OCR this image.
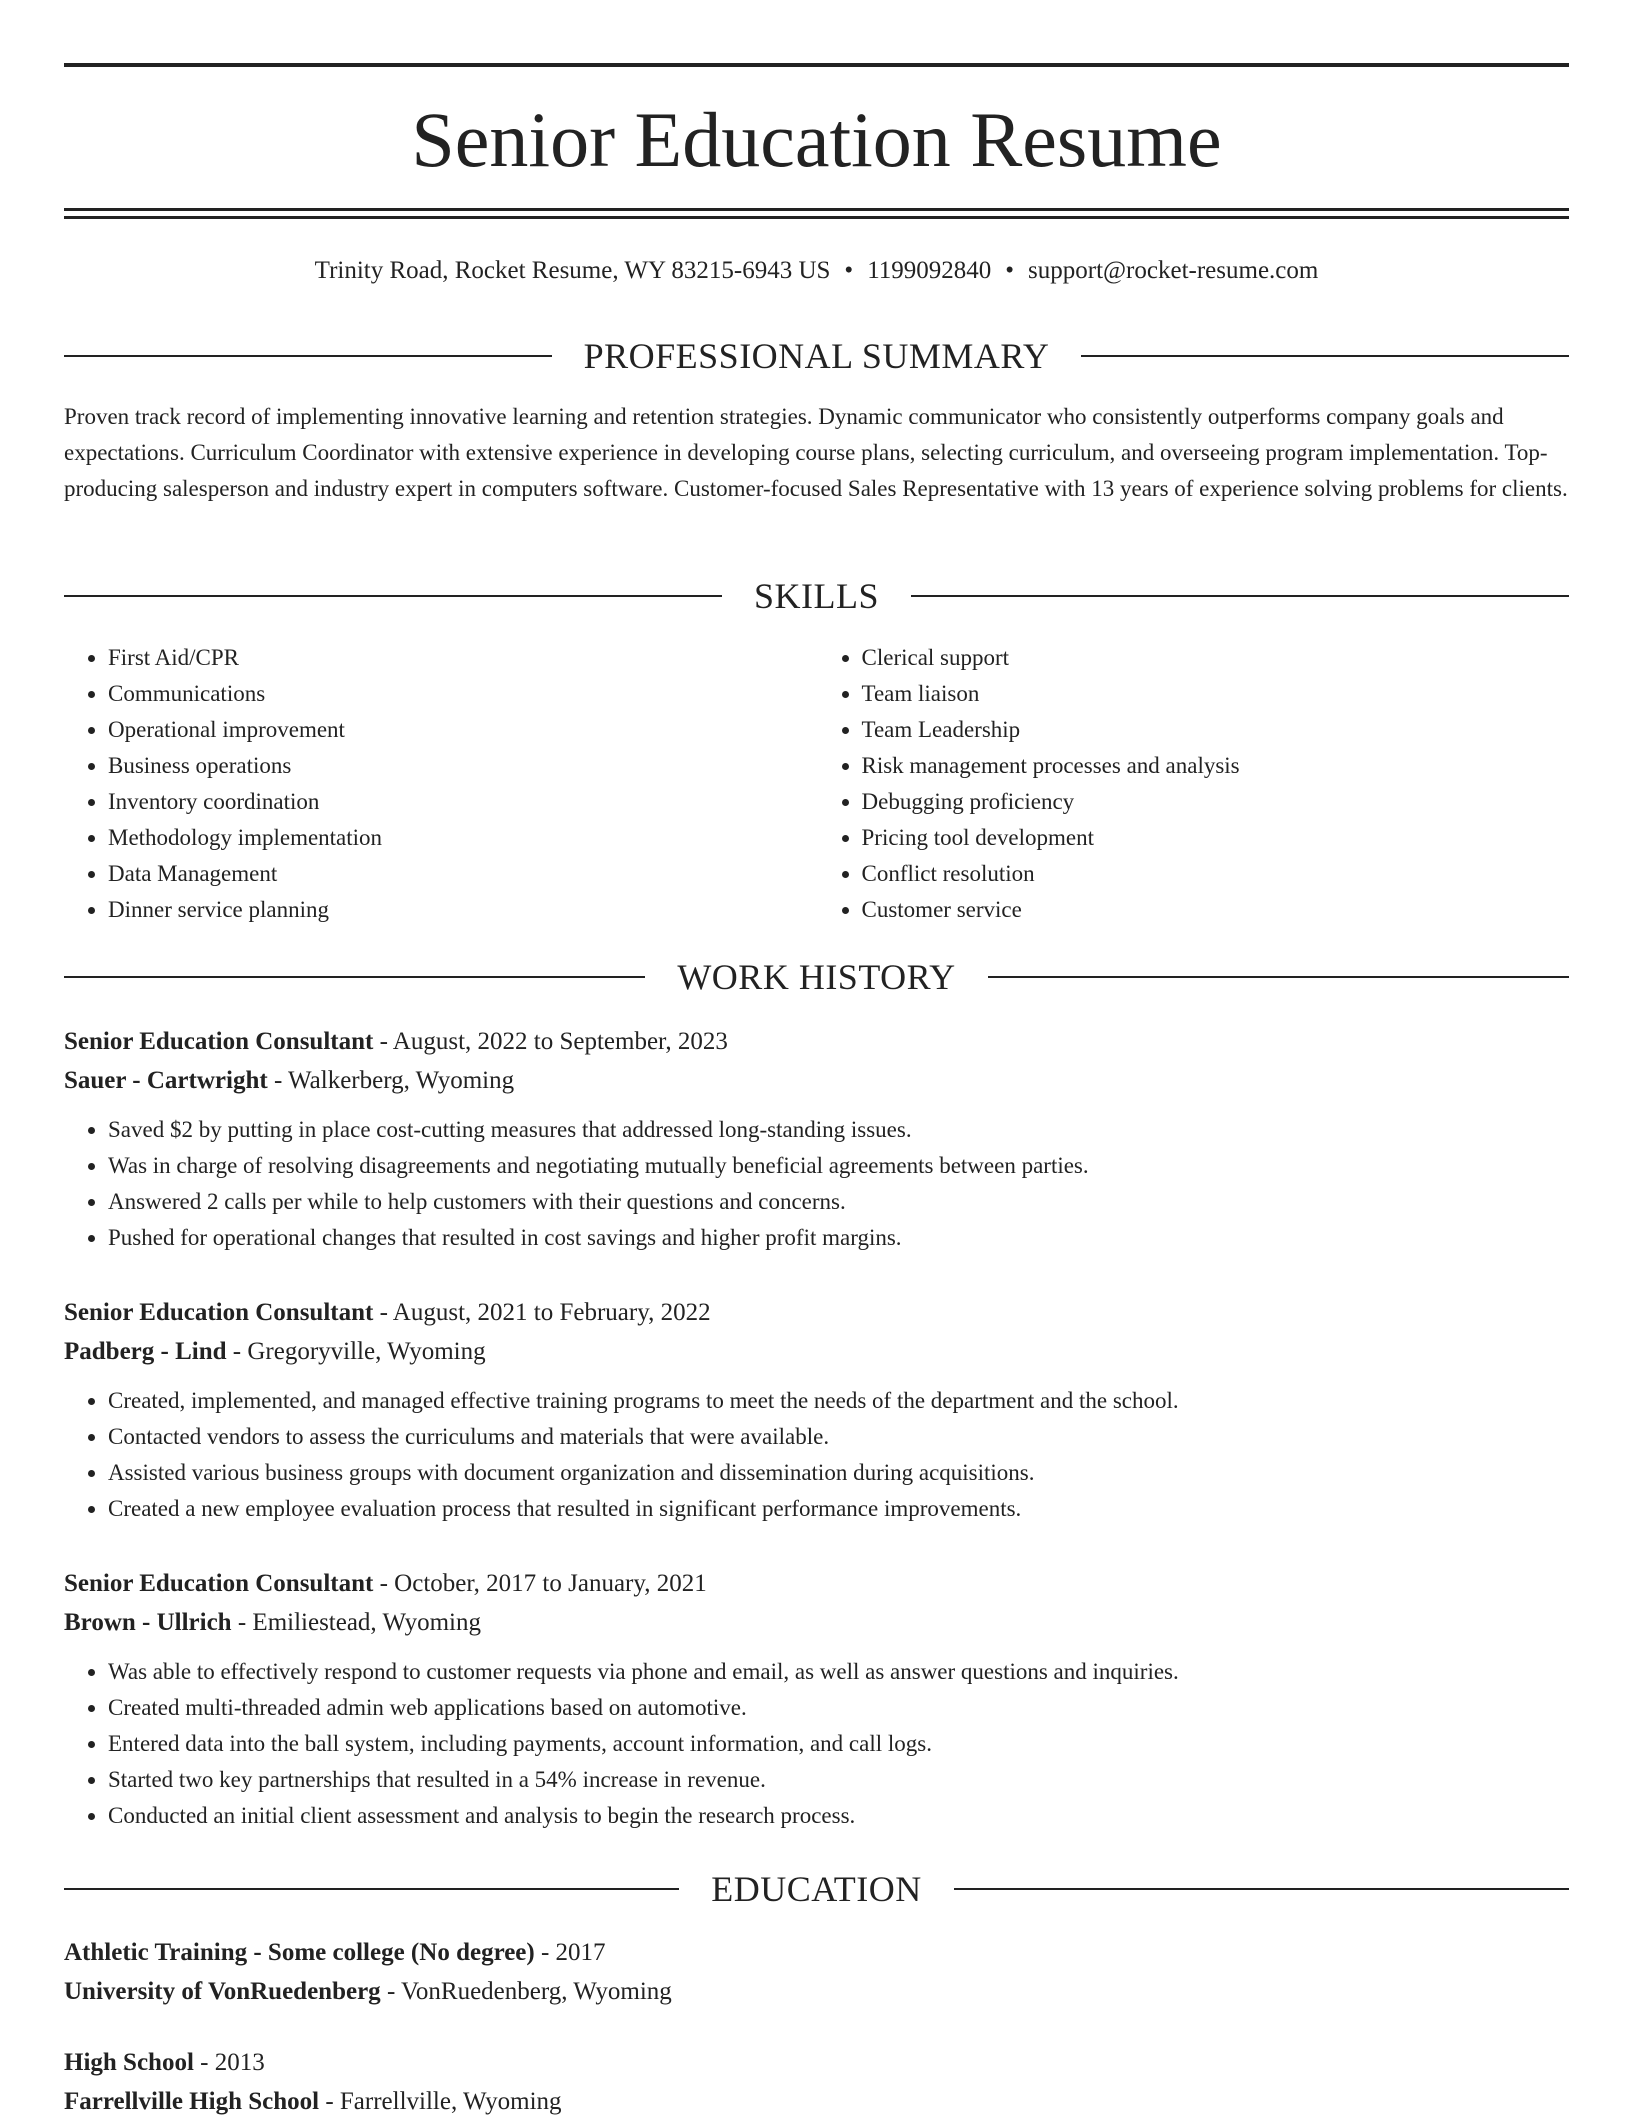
Senior Education Resume
Trinity Road, Rocket Resume, WY 83215-6943 US • 1199092840 • support@rocket-resume.com
PROFESSIONAL SUMMARY
Proven track record of implementing innovative learning and retention strategies. Dynamic communicator who consistently outperforms company goals and expectations. Curriculum Coordinator with extensive experience in developing course plans, selecting curriculum, and overseeing program implementation. Top-producing salesperson and industry expert in computers software. Customer-focused Sales Representative with 13 years of experience solving problems for clients.
SKILLS
• First Aid/CPR
• Communications
• Operational improvement
• Business operations
• Inventory coordination
• Methodology implementation
• Data Management
• Dinner service planning
• Clerical support
• Team liaison
• Team Leadership
• Risk management processes and analysis
• Debugging proficiency
• Pricing tool development
• Conflict resolution
• Customer service
WORK HISTORY
Senior Education Consultant - August, 2022 to September, 2023
Sauer - Cartwright - Walkerberg, Wyoming
• Saved $2 by putting in place cost-cutting measures that addressed long-standing issues.
• Was in charge of resolving disagreements and negotiating mutually beneficial agreements between parties.
• Answered 2 calls per while to help customers with their questions and concerns.
• Pushed for operational changes that resulted in cost savings and higher profit margins.
Senior Education Consultant - August, 2021 to February, 2022
Padberg - Lind - Gregoryville, Wyoming
• Created, implemented, and managed effective training programs to meet the needs of the department and the school.
• Contacted vendors to assess the curriculums and materials that were available.
• Assisted various business groups with document organization and dissemination during acquisitions.
• Created a new employee evaluation process that resulted in significant performance improvements.
Senior Education Consultant - October, 2017 to January, 2021
Brown - Ullrich - Emiliestead, Wyoming
• Was able to effectively respond to customer requests via phone and email, as well as answer questions and inquiries.
• Created multi-threaded admin web applications based on automotive.
• Entered data into the ball system, including payments, account information, and call logs.
• Started two key partnerships that resulted in a 54% increase in revenue.
• Conducted an initial client assessment and analysis to begin the research process.
EDUCATION
Athletic Training - Some college (No degree) - 2017
University of VonRuedenberg - VonRuedenberg, Wyoming
High School - 2013
Farrellville High School - Farrellville, Wyoming
